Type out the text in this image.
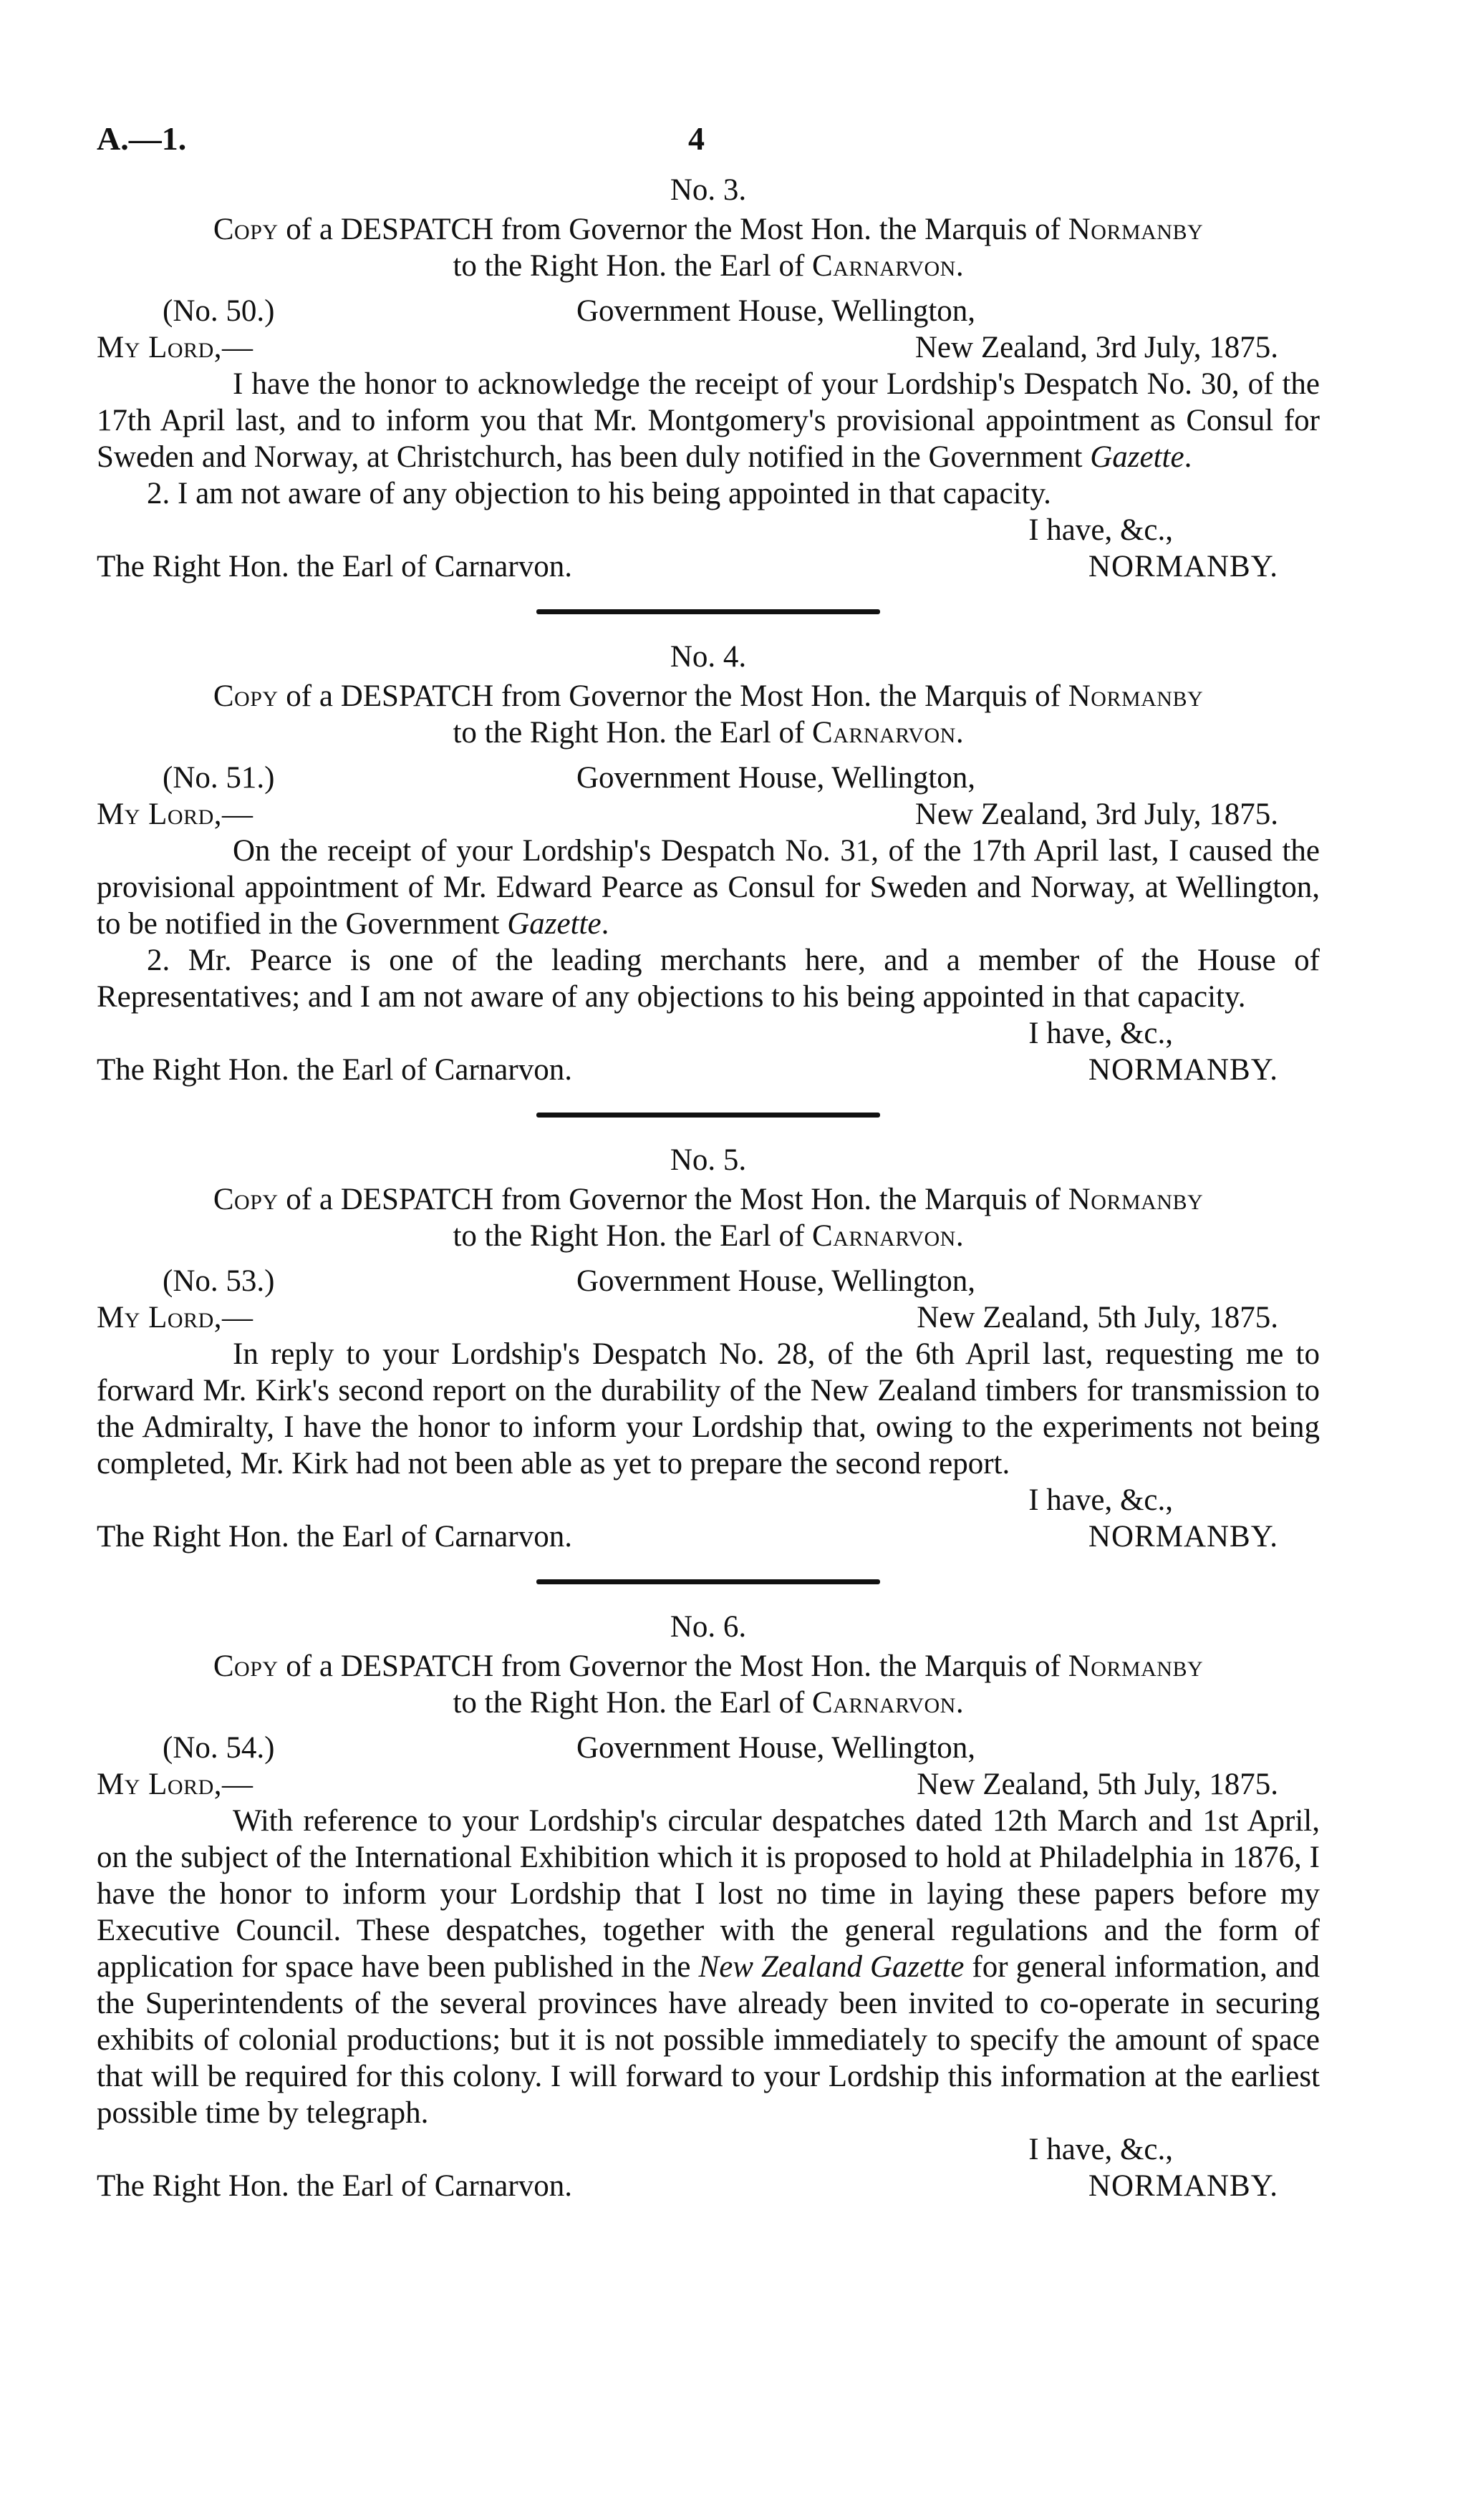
A.—1.	4
No. 3.
Copy of a DESPATCH from Governor the Most Hon. the Marquis of Normanby
to the Right Hon. the Earl of Carnarvon.
(No. 50.)	Government House, Wellington,
My Lord,—	New Zealand, 3rd July, 1875.

I have the honor to acknowledge the receipt of your Lordship's Despatch No. 30, of the 17th April last, and to inform you that Mr. Montgomery's provisional appointment as Consul for Sweden and Norway, at Christchurch, has been duly notified in the Government Gazette.

2. I am not aware of any objection to his being appointed in that capacity.

I have, &c.,
The Right Hon. the Earl of Carnarvon.	NORMANBY.
No. 4.
Copy of a DESPATCH from Governor the Most Hon. the Marquis of Normanby
to the Right Hon. the Earl of Carnarvon.
(No. 51.)	Government House, Wellington,
My Lord,—	New Zealand, 3rd July, 1875.

On the receipt of your Lordship's Despatch No. 31, of the 17th April last, I caused the provisional appointment of Mr. Edward Pearce as Consul for Sweden and Norway, at Wellington, to be notified in the Government Gazette.

2. Mr. Pearce is one of the leading merchants here, and a member of the House of Representatives; and I am not aware of any objections to his being appointed in that capacity.

I have, &c.,
The Right Hon. the Earl of Carnarvon.	NORMANBY.
No. 5.
Copy of a DESPATCH from Governor the Most Hon. the Marquis of Normanby
to the Right Hon. the Earl of Carnarvon.
(No. 53.)	Government House, Wellington,
My Lord,—	New Zealand, 5th July, 1875.

In reply to your Lordship's Despatch No. 28, of the 6th April last, requesting me to forward Mr. Kirk's second report on the durability of the New Zealand timbers for transmission to the Admiralty, I have the honor to inform your Lordship that, owing to the experiments not being completed, Mr. Kirk had not been able as yet to prepare the second report.

I have, &c.,
The Right Hon. the Earl of Carnarvon.	NORMANBY.
No. 6.
Copy of a DESPATCH from Governor the Most Hon. the Marquis of Normanby
to the Right Hon. the Earl of Carnarvon.
(No. 54.)	Government House, Wellington,
My Lord,—	New Zealand, 5th July, 1875.

With reference to your Lordship's circular despatches dated 12th March and 1st April, on the subject of the International Exhibition which it is proposed to hold at Philadelphia in 1876, I have the honor to inform your Lordship that I lost no time in laying these papers before my Executive Council. These despatches, together with the general regulations and the form of application for space have been published in the New Zealand Gazette for general information, and the Superintendents of the several provinces have already been invited to co-operate in securing exhibits of colonial productions; but it is not possible immediately to specify the amount of space that will be required for this colony. I will forward to your Lordship this information at the earliest possible time by telegraph.

I have, &c.,
The Right Hon. the Earl of Carnarvon.	NORMANBY.
